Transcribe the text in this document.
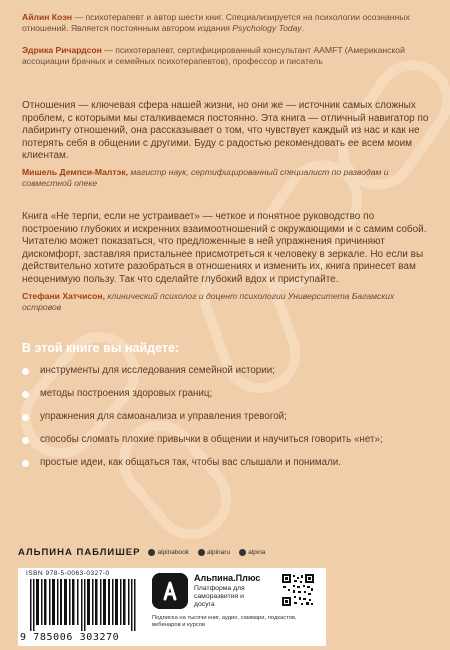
Айлин Коэн — психотерапевт и автор шести книг. Специализируется на психологии осознанных отношений. Является постоянным автором издания Psychology Today.

Эдрика Ричардсон — психотерапевт, сертифицированный консультант AAMFT (Американской ассоциации брачных и семейных психотерапевтов), профессор и писатель

Отношения — ключевая сфера нашей жизни, но они же — источник самых сложных проблем, с которыми мы сталкиваемся постоянно. Эта книга — отличный навигатор по лабиринту отношений, она рассказывает о том, что чувствует каждый из нас и как не потерять себя в общении с другими. Буду с радостью рекомендовать ее всем моим клиентам.

Мишель Демпси-Малтэк, магистр наук, сертифицированный специалист по разводам и совместной опеке

Книга «Не терпи, если не устраивает» — четкое и понятное руководство по построению глубоких и искренних взаимоотношений с окружающими и с самим собой. Читателю может показаться, что предложенные в ней упражнения причиняют дискомфорт, заставляя пристальнее присмотреться к человеку в зеркале. Но если вы действительно хотите разобраться в отношениях и изменить их, книга принесет вам неоценимую пользу. Так что сделайте глубокий вдох и приступайте.

Стефани Хатчисон, клинический психолог и доцент психологии Университета Багамских островов

В этой книге вы найдете:

инструменты для исследования семейной истории;
методы построения здоровых границ;
упражнения для самоанализа и управления тревогой;
способы сломать плохие привычки в общении и научиться говорить «нет»;
простые идеи, как общаться так, чтобы вас слышали и понимали.
АЛЬПИНА ПАБЛИШЕР	alpinabook	alpinaru	alpina
ISBN 978-5-0063-0327-0
9 785006 303270
Альпина.Плюс
Платформа для саморазвития и досуга
Подписка на тысячи книг, аудио, саммари, подкастов, вебинаров и курсов
